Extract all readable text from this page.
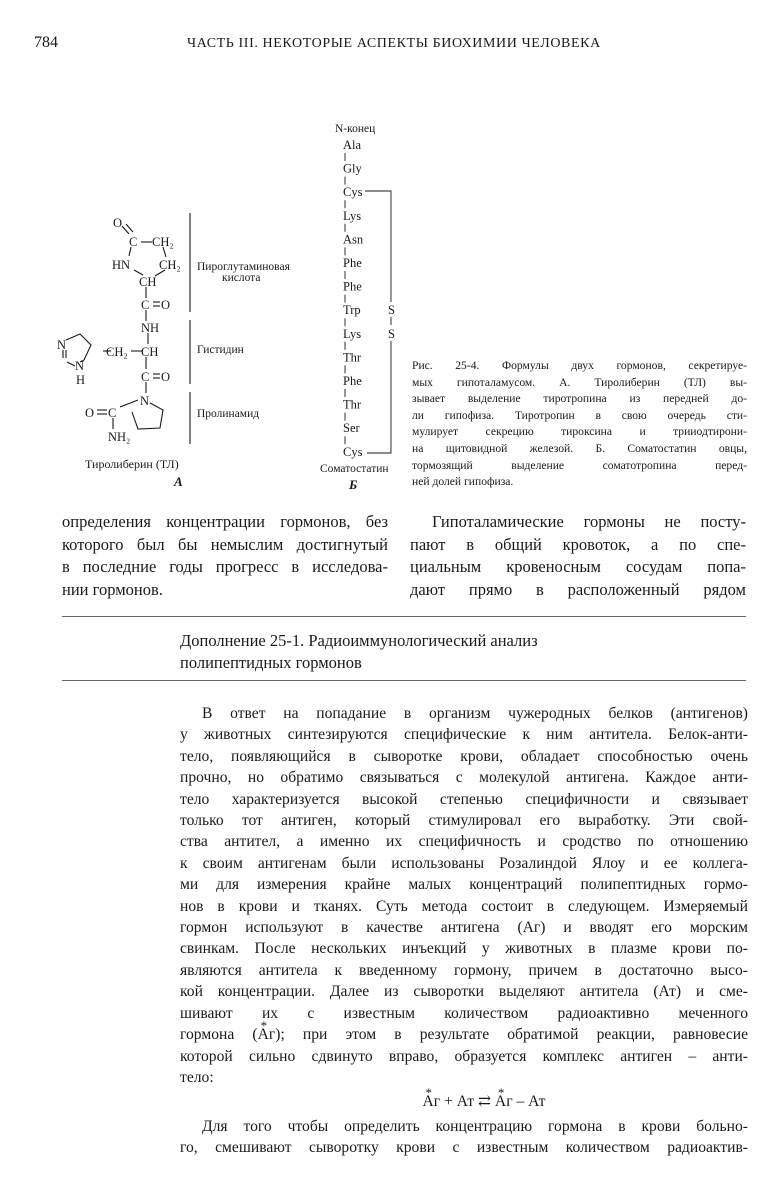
784	ЧАСТЬ III. НЕКОТОРЫЕ АСПЕКТЫ БИОХИМИИ ЧЕЛОВЕКА
O
C CH₂
HN CH₂
CH
C O
NH
N
N
H
CH₂ CH
C O
N
O C
NH₂
Пироглутаминовая
кислота
Гистидин
Пролинамид
Тиролиберин (ТЛ)
А
N-конец
S
S
Соматостатин
Б
Ala
Gly
Cys
Lys
Asn
Phe
Phe
Trp
Lys
Thr
Phe
Thr
Ser
Cys
Рис. 25-4. Формулы двух гормонов, секретируе-
мых гипоталамусом. А. Тиролиберин (ТЛ) вы-
зывает выделение тиротропина из передней до-
ли гипофиза. Тиротропин в свою очередь сти-
мулирует секрецию тироксина и трииодтирони-
на щитовидной железой. Б. Соматостатин овцы,
тормозящий выделение соматотропина перед-
ней долей гипофиза.
определения концентрации гормонов, без
которого был бы немыслим достигнутый
в последние годы прогресс в исследова-
нии гормонов.
Гипоталамические гормоны не посту-
пают в общий кровоток, а по спе-
циальным кровеносным сосудам попа-
дают прямо в расположенный рядом
Дополнение 25-1. Радиоиммунологический анализ
полипептидных гормонов
В ответ на попадание в организм чужеродных белков (антигенов)
у животных синтезируются специфические к ним антитела. Белок-анти-
тело, появляющийся в сыворотке крови, обладает способностью очень
прочно, но обратимо связываться с молекулой антигена. Каждое анти-
тело характеризуется высокой степенью специфичности и связывает
только тот антиген, который стимулировал его выработку. Эти свой-
ства антител, а именно их специфичность и сродство по отношению
к своим антигенам были использованы Розалиндой Ялоу и ее коллега-
ми для измерения крайне малых концентраций полипептидных гормо-
нов в крови и тканях. Суть метода состоит в следующем. Измеряемый
гормон используют в качестве антигена (Аг) и вводят его морским
свинкам. После нескольких инъекций у животных в плазме крови по-
являются антитела к введенному гормону, причем в достаточно высо-
кой концентрации. Далее из сыворотки выделяют антитела (Ат) и сме-
шивают их с известным количеством радиоактивно меченного
гормона (* Аг); при этом в результате обратимой реакции, равновесие
которой сильно сдвинуто вправо, образуется комплекс антиген – анти-
тело:
* Аг + Ат ⇄ * Аг – Ат
Для того чтобы определить концентрацию гормона в крови больно-
го, смешивают сыворотку крови с известным количеством радиоактив-
